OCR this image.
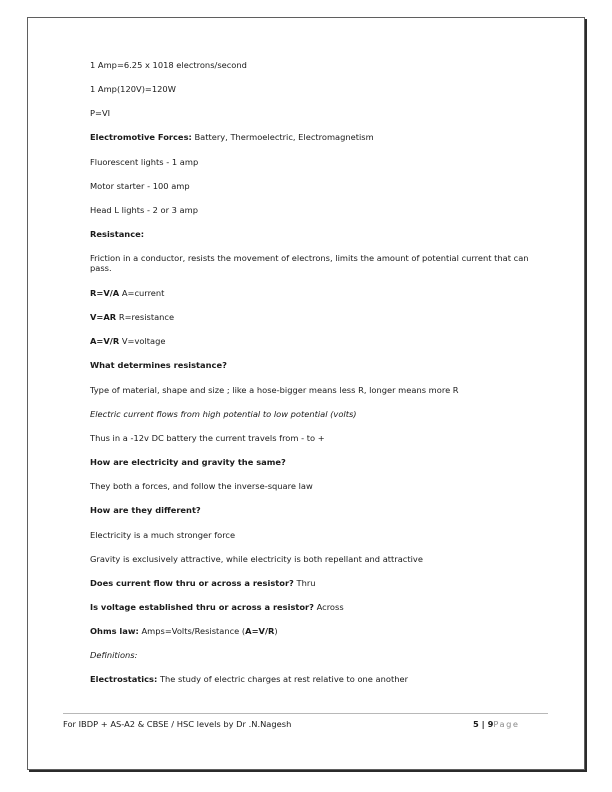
1 Amp=6.25 x 1018 electrons/second
1 Amp(120V)=120W
P=VI
Electromotive Forces: Battery, Thermoelectric, Electromagnetism
Fluorescent lights - 1 amp
Motor starter - 100 amp
Head L lights - 2 or 3 amp
Resistance:
Friction in a conductor, resists the movement of electrons, limits the amount of potential current that can pass.
R=V/A A=current
V=AR R=resistance
A=V/R V=voltage
What determines resistance?
Type of material, shape and size ; like a hose-bigger means less R, longer means more R
Electric current flows from high potential to low potential (volts)
Thus in a -12v DC battery the current travels from - to +
How are electricity and gravity the same?
They both a forces, and follow the inverse-square law
How are they different?
Electricity is a much stronger force
Gravity is exclusively attractive, while electricity is both repellant and attractive
Does current flow thru or across a resistor? Thru
Is voltage established thru or across a resistor? Across
Ohms law: Amps=Volts/Resistance (A=V/R)
Definitions:
Electrostatics: The study of electric charges at rest relative to one another
For IBDP + AS-A2 & CBSE / HSC levels by Dr .N.Nagesh	5 | 9Page
